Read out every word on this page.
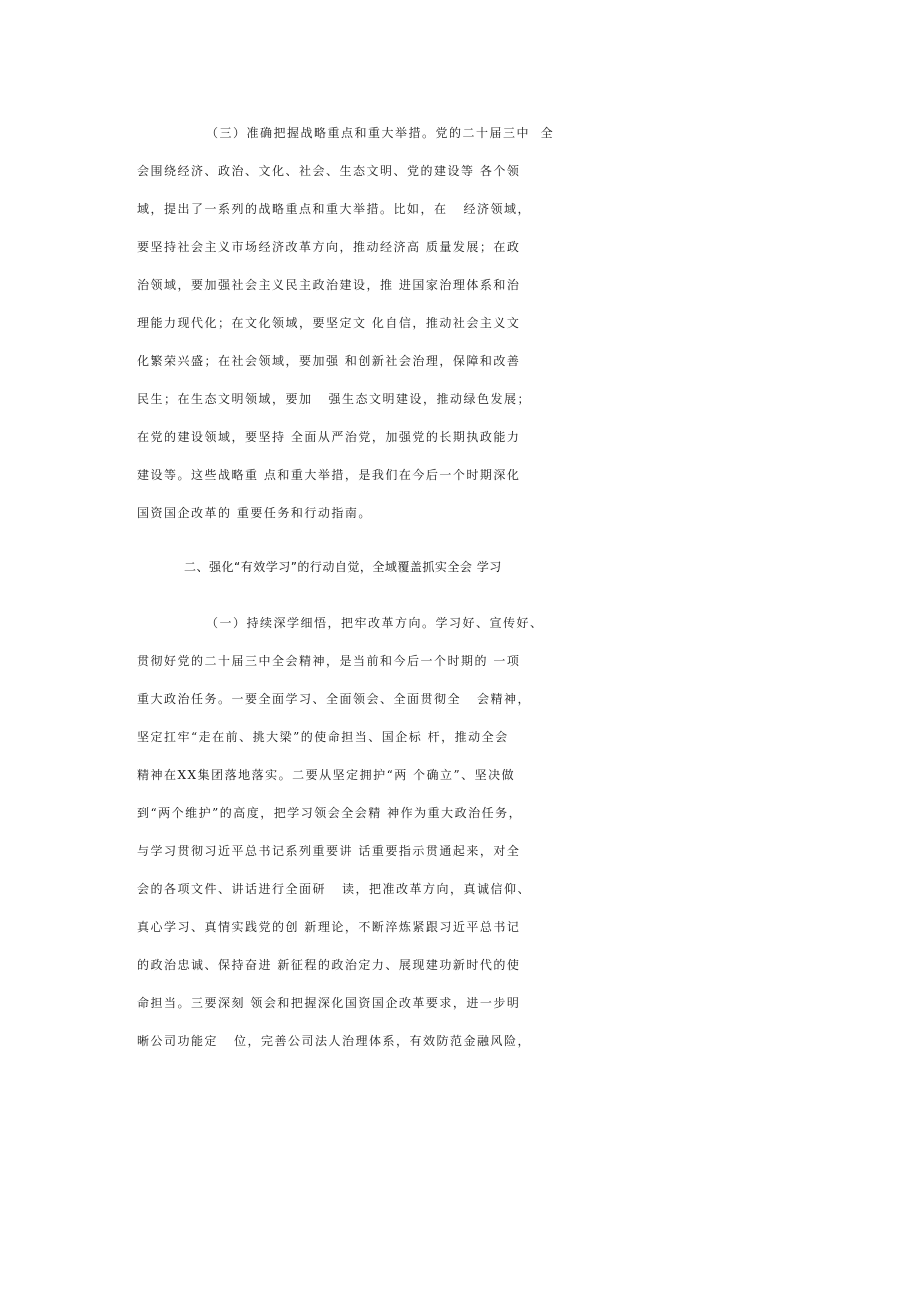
（三）准确把握战略重点和重大举措。党的二十届三中  全
会围绕经济、政治、文化、社会、生态文明、党的建设等 各个领
域，提出了一系列的战略重点和重大举措。比如，在   经济领域，
要坚持社会主义市场经济改革方向，推动经济高 质量发展；在政
治领域，要加强社会主义民主政治建设，推 进国家治理体系和治
理能力现代化；在文化领域，要坚定文 化自信，推动社会主义文
化繁荣兴盛；在社会领域，要加强 和创新社会治理，保障和改善
民生；在生态文明领域，要加   强生态文明建设，推动绿色发展；
在党的建设领域，要坚持 全面从严治党，加强党的长期执政能力
建设等。这些战略重 点和重大举措，是我们在今后一个时期深化
国资国企改革的 重要任务和行动指南。
二、强化“有效学习”的行动自觉，全域覆盖抓实全会 学习
（一）持续深学细悟，把牢改革方向。学习好、宣传好、
贯彻好党的二十届三中全会精神，是当前和今后一个时期的 一项
重大政治任务。一要全面学习、全面领会、全面贯彻全   会精神，
坚定扛牢“走在前、挑大梁”的使命担当、国企标 杆，推动全会
精神在XX集团落地落实。二要从坚定拥护“两 个确立”、坚决做
到“两个维护”的高度，把学习领会全会精 神作为重大政治任务，
与学习贯彻习近平总书记系列重要讲 话重要指示贯通起来，对全
会的各项文件、讲话进行全面研   读，把准改革方向，真诚信仰、
真心学习、真情实践党的创 新理论，不断淬炼紧跟习近平总书记
的政治忠诚、保持奋进 新征程的政治定力、展现建功新时代的使
命担当。三要深刻 领会和把握深化国资国企改革要求，进一步明
晰公司功能定   位，完善公司法人治理体系，有效防范金融风险，
